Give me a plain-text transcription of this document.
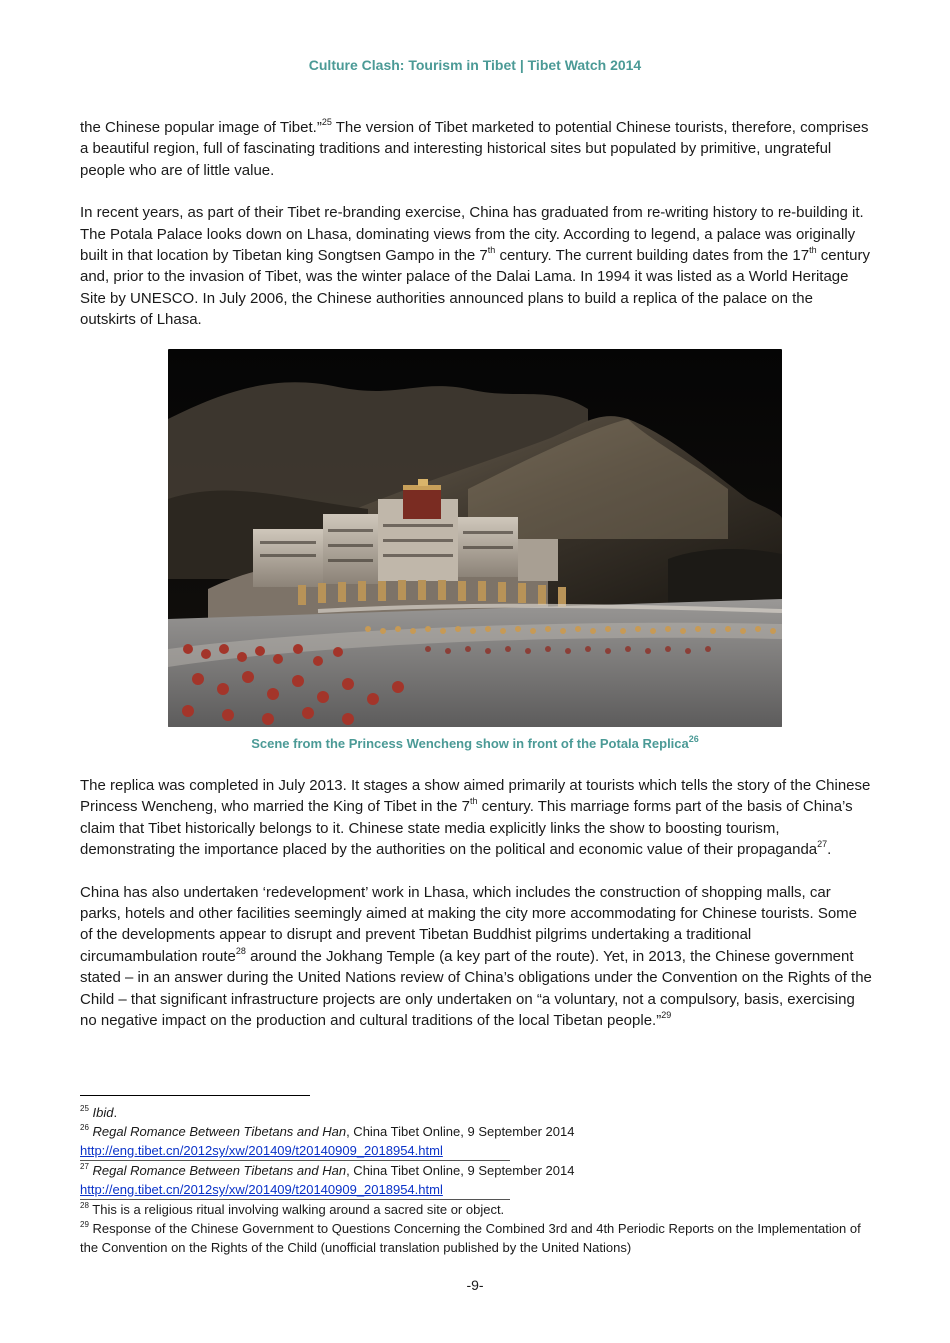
Culture Clash: Tourism in Tibet | Tibet Watch 2014

the Chinese popular image of Tibet.”$^{25}$ The version of Tibet marketed to potential Chinese tourists, therefore, comprises a beautiful region, full of fascinating traditions and interesting historical sites but populated by primitive, ungrateful people who are of little value.

In recent years, as part of their Tibet re-branding exercise, China has graduated from re-writing history to re-building it. The Potala Palace looks down on Lhasa, dominating views from the city. According to legend, a palace was originally built in that location by Tibetan king Songtsen Gampo in the 7th century. The current building dates from the 17th century and, prior to the invasion of Tibet, was the winter palace of the Dalai Lama. In 1994 it was listed as a World Heritage Site by UNESCO. In July 2006, the Chinese authorities announced plans to build a replica of the palace on the outskirts of Lhasa.

Scene from the Princess Wencheng show in front of the Potala Replica$^{26}$

The replica was completed in July 2013. It stages a show aimed primarily at tourists which tells the story of the Chinese Princess Wencheng, who married the King of Tibet in the 7th century. This marriage forms part of the basis of China’s claim that Tibet historically belongs to it. Chinese state media explicitly links the show to boosting tourism, demonstrating the importance placed by the authorities on the political and economic value of their propaganda$^{27}$.

China has also undertaken ‘redevelopment’ work in Lhasa, which includes the construction of shopping malls, car parks, hotels and other facilities seemingly aimed at making the city more accommodating for Chinese tourists. Some of the developments appear to disrupt and prevent Tibetan Buddhist pilgrims undertaking a traditional circumambulation route$^{28}$ around the Jokhang Temple (a key part of the route). Yet, in 2013, the Chinese government stated – in an answer during the United Nations review of China’s obligations under the Convention on the Rights of the Child – that significant infrastructure projects are only undertaken on “a voluntary, not a compulsory, basis, exercising no negative impact on the production and cultural traditions of the local Tibetan people.”$^{29}$

$^{25}$ Ibid.

$^{26}$ Regal Romance Between Tibetans and Han, China Tibet Online, 9 September 2014

http://eng.tibet.cn/2012sy/xw/201409/t20140909_2018954.html

$^{27}$ Regal Romance Between Tibetans and Han, China Tibet Online, 9 September 2014

http://eng.tibet.cn/2012sy/xw/201409/t20140909_2018954.html

$^{28}$ This is a religious ritual involving walking around a sacred site or object.

$^{29}$ Response of the Chinese Government to Questions Concerning the Combined 3rd and 4th Periodic Reports on the Implementation of the Convention on the Rights of the Child (unofficial translation published by the United Nations)

-9-
